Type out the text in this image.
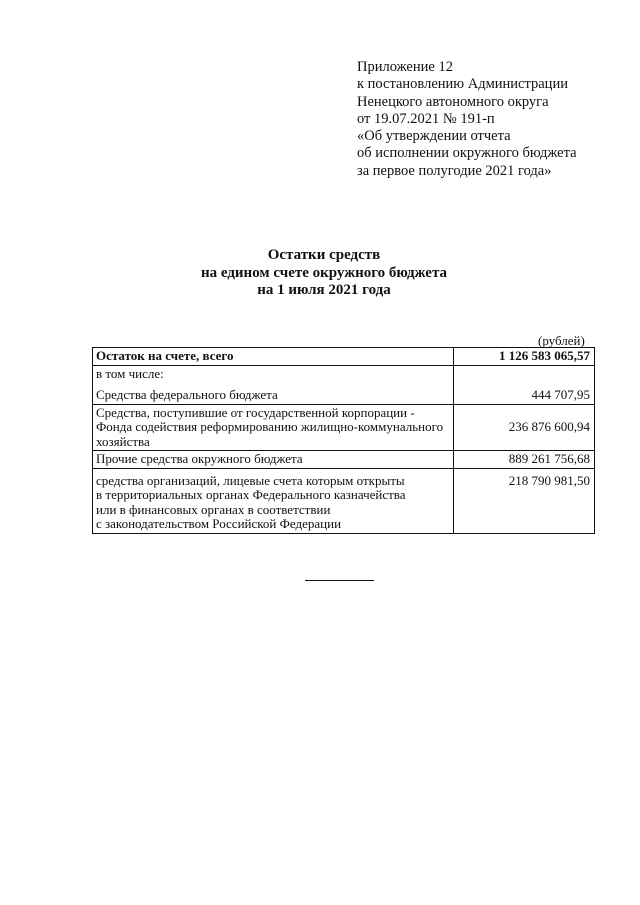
Приложение 12
к постановлению Администрации
Ненецкого автономного округа
от 19.07.2021 № 191-п
«Об утверждении отчета
об исполнении окружного бюджета
за первое полугодие 2021 года»
Остатки средств
на едином счете окружного бюджета
на 1 июля 2021 года
(рублей)
Остаток на счете, всего	1 126 583 065,57
в том числе:	
Средства федерального бюджета	444 707,95

Средства, поступившие от государственной корпорации -
Фонда содействия реформированию жилищно-коммунального
хозяйства	236 876 600,94
Прочие средства окружного бюджета	889 261 756,68

средства организаций, лицевые счета которым открыты
в территориальных органах Федерального казначейства
или в финансовых органах в соответствии
с законодательством Российской Федерации	218 790 981,50
